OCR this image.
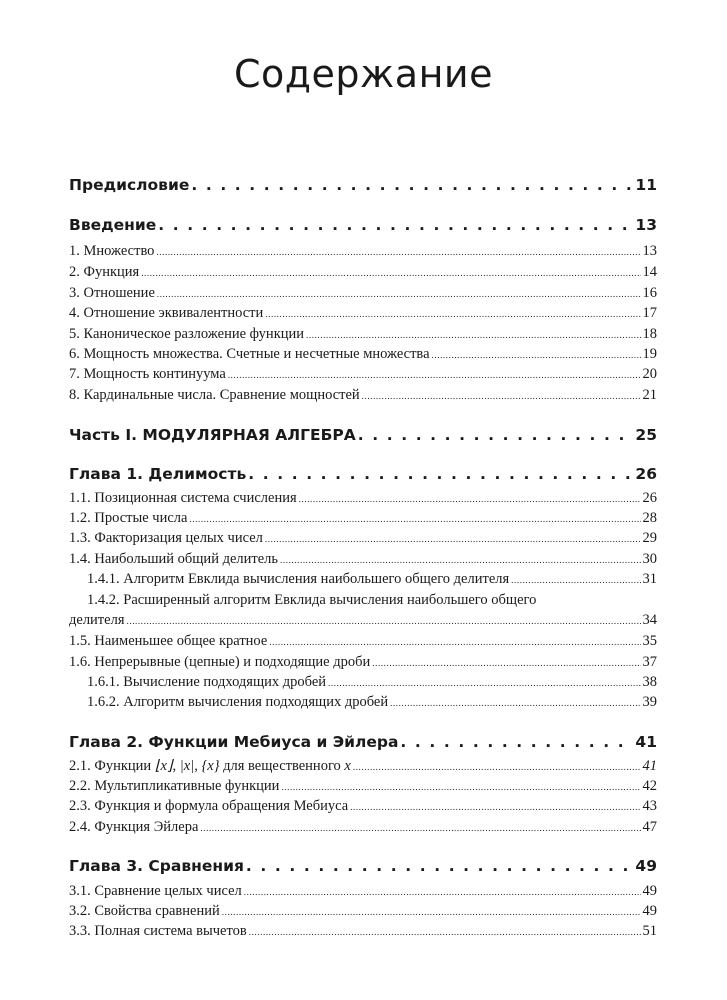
Содержание
Предисловие . . .	11
Введение . . .	13
1. Множество .....	13
2. Функция .....	14
3. Отношение .....	16
4. Отношение эквивалентности .....	17
5. Каноническое разложение функции .....	18
6. Мощность множества. Счетные и несчетные множества .....	19
7. Мощность континуума .....	20
8. Кардинальные числа. Сравнение мощностей .....	21
Часть I. МОДУЛЯРНАЯ АЛГЕБРА . . .	25
Глава 1. Делимость . . .	26
1.1. Позиционная система счисления .....	26
1.2. Простые числа .....	28
1.3. Факторизация целых чисел .....	29
1.4. Наибольший общий делитель .....	30
1.4.1. Алгоритм Евклида вычисления наибольшего общего делителя .....	31
1.4.2. Расширенный алгоритм Евклида вычисления наибольшего общего
делителя .....	34
1.5. Наименьшее общее кратное .....	35
1.6. Непрерывные (цепные) и подходящие дроби .....	37
1.6.1. Вычисление подходящих дробей .....	38
1.6.2. Алгоритм вычисления подходящих дробей .....	39
Глава 2. Функции Мебиуса и Эйлера . . .	41
2.1. Функции ⌊x⌋, |x|, {x} для вещественного x .....	41
2.2. Мультипликативные функции .....	42
2.3. Функция и формула обращения Мебиуса .....	43
2.4. Функция Эйлера .....	47
Глава 3. Сравнения . . .	49
3.1. Сравнение целых чисел .....	49
3.2. Свойства сравнений .....	49
3.3. Полная система вычетов .....	51
